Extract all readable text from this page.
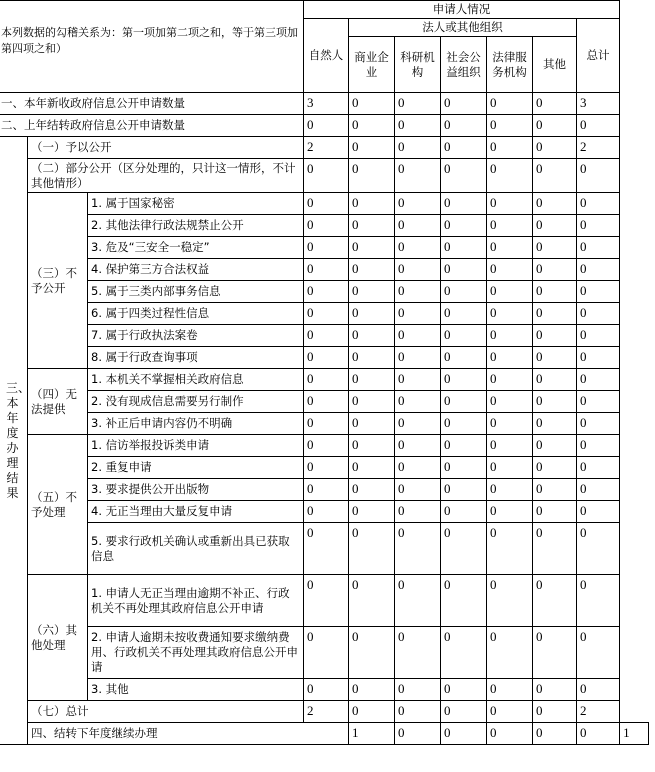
本列数据的勾稽关系为：第一项加第二项之和，等于第三项加第四项之和）			申请人情况							
			自然人	法人或其他组织					总计	
				商业企业	科研机构	社会公益组织	法律服务机构	其他		

一、本年新收政府信息公开申请数量			3	0	0	0	0	0	3	
二、上年结转政府信息公开申请数量			0	0	0	0	0	0	0	
三、本年度办理结果	（一）予以公开		2	0	0	0	0	0	2	
	（二）部分公开（区分处理的，只计这一情形，不计其他情形）		0	0	0	0	0	0	0	
	（三）不予公开	1. 属于国家秘密	0	0	0	0	0	0	0	
		2. 其他法律行政法规禁止公开	0	0	0	0	0	0	0	
		3. 危及“三安全一稳定”	0	0	0	0	0	0	0	
		4. 保护第三方合法权益	0	0	0	0	0	0	0	
		5. 属于三类内部事务信息	0	0	0	0	0	0	0	
		6. 属于四类过程性信息	0	0	0	0	0	0	0	
		7. 属于行政执法案卷	0	0	0	0	0	0	0	
		8. 属于行政查询事项	0	0	0	0	0	0	0	
	（四）无法提供	1. 本机关不掌握相关政府信息	0	0	0	0	0	0	0	
		2. 没有现成信息需要另行制作	0	0	0	0	0	0	0	
		3. 补正后申请内容仍不明确	0	0	0	0	0	0	0	
	（五）不予处理	1. 信访举报投诉类申请	0	0	0	0	0	0	0	
		2. 重复申请	0	0	0	0	0	0	0	
		3. 要求提供公开出版物	0	0	0	0	0	0	0	
		4. 无正当理由大量反复申请	0	0	0	0	0	0	0	
		5. 要求行政机关确认或重新出具已获取信息	0	0	0	0	0	0	0	
	（六）其他处理	1. 申请人无正当理由逾期不补正、行政机关不再处理其政府信息公开申请	0	0	0	0	0	0	0	
		2. 申请人逾期未按收费通知要求缴纳费用、行政机关不再处理其政府信息公开申请	0	0	0	0	0	0	0	
		3. 其他	0	0	0	0	0	0	0	
	（七）总计		2	0	0	0	0	0	2	
	四、结转下年度继续办理			1	0	0	0	0	0	1
